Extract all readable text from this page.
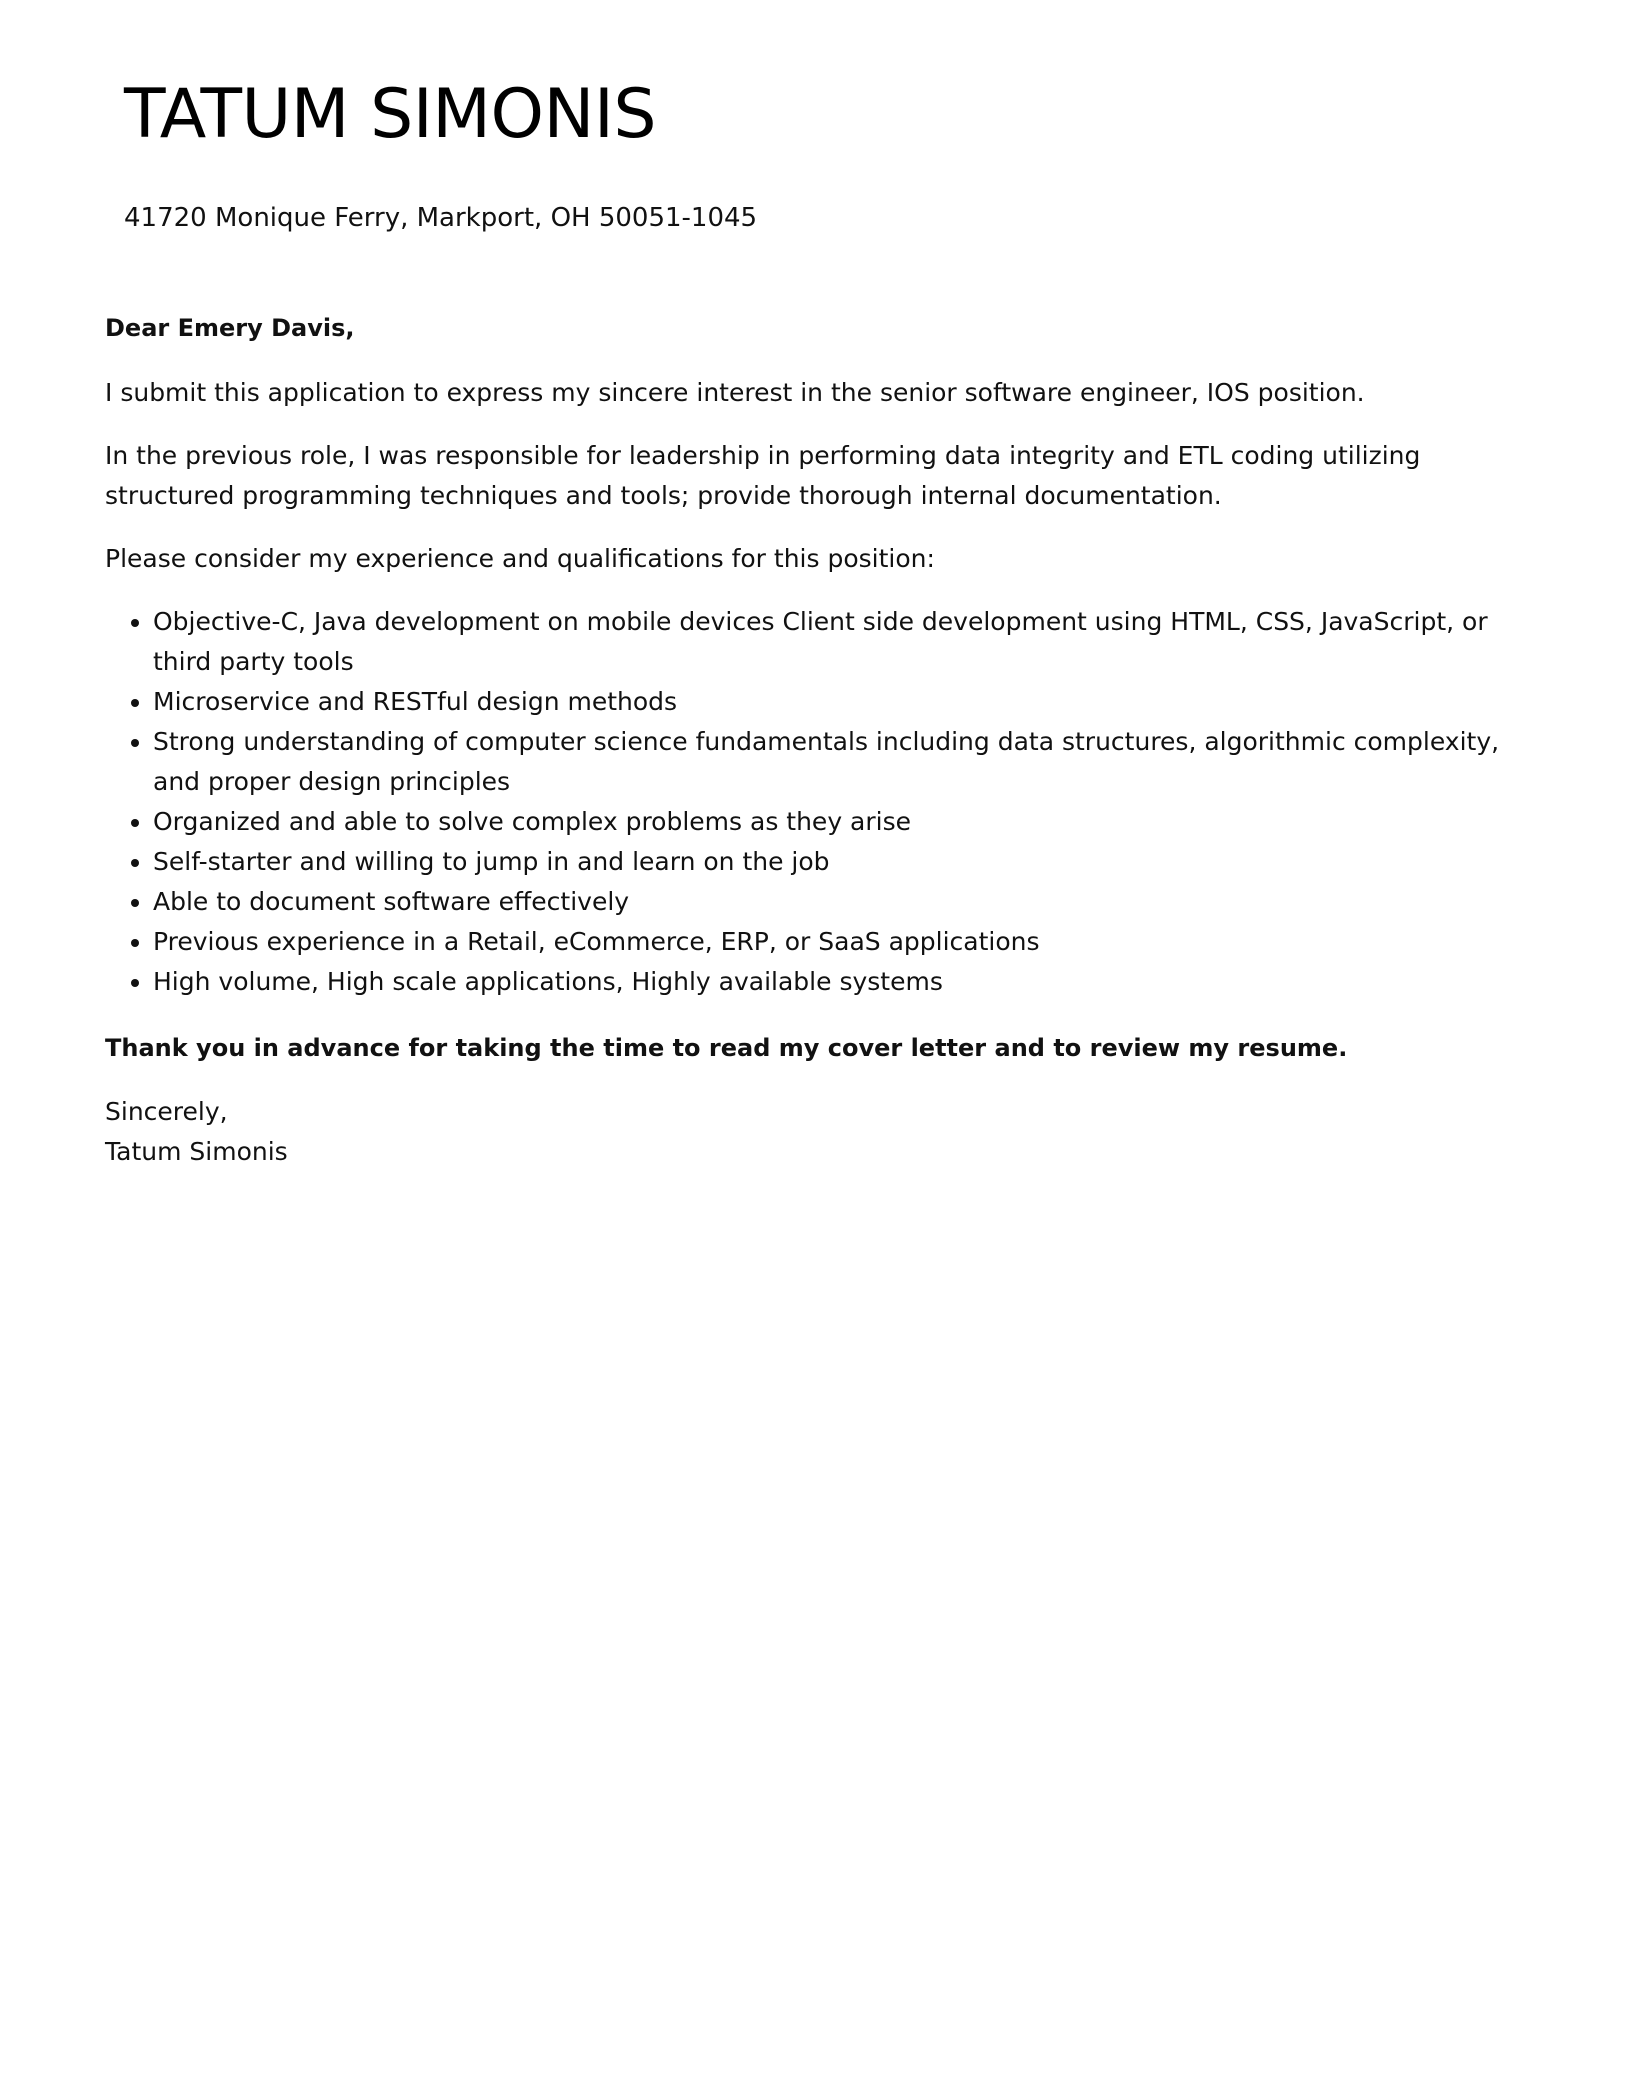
TATUM SIMONIS
41720 Monique Ferry, Markport, OH 50051-1045

Dear Emery Davis,

I submit this application to express my sincere interest in the senior software engineer, IOS position.

In the previous role, I was responsible for leadership in performing data integrity and ETL coding utilizing structured programming techniques and tools; provide thorough internal documentation.

Please consider my experience and qualifications for this position:

• Objective-C, Java development on mobile devices Client side development using HTML, CSS, JavaScript, or third party tools
• Microservice and RESTful design methods
• Strong understanding of computer science fundamentals including data structures, algorithmic complexity, and proper design principles
• Organized and able to solve complex problems as they arise
• Self-starter and willing to jump in and learn on the job
• Able to document software effectively
• Previous experience in a Retail, eCommerce, ERP, or SaaS applications
• High volume, High scale applications, Highly available systems

Thank you in advance for taking the time to read my cover letter and to review my resume.

Sincerely,
Tatum Simonis
